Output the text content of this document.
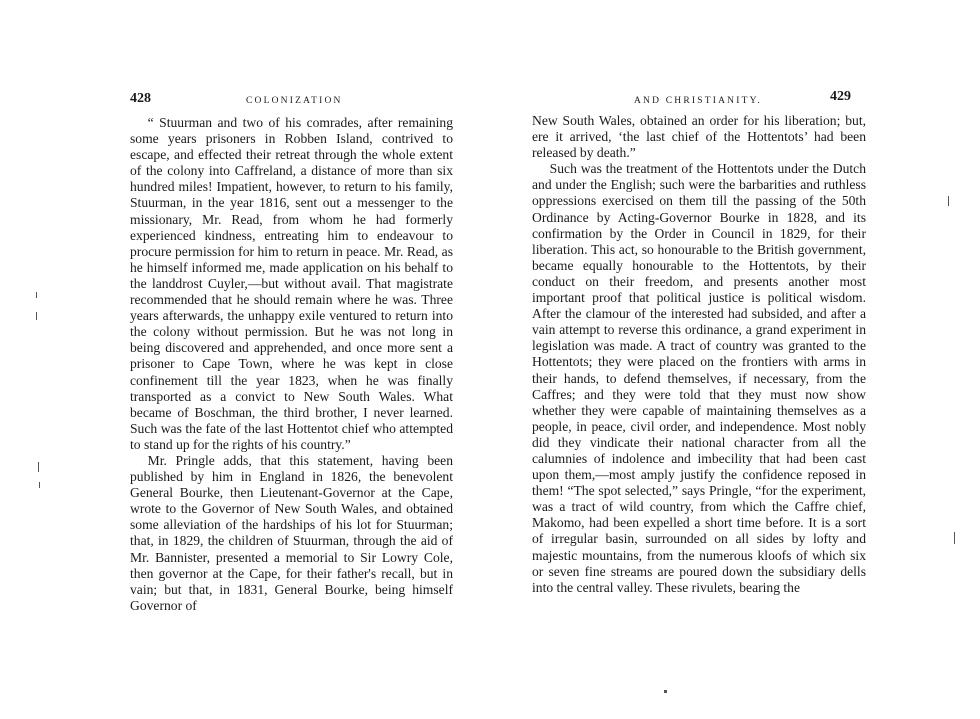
428	COLONIZATION

“ Stuurman and two of his comrades, after remaining some years prisoners in Robben Island, contrived to escape, and effected their retreat through the whole extent of the colony into Caffreland, a distance of more than six hundred miles! Impatient, however, to return to his family, Stuurman, in the year 1816, sent out a messenger to the missionary, Mr. Read, from whom he had formerly experienced kindness, entreating him to endeavour to procure permission for him to return in peace. Mr. Read, as he himself informed me, made application on his behalf to the landdrost Cuyler,—but without avail. That magistrate recommended that he should remain where he was. Three years afterwards, the unhappy exile ventured to return into the colony without permission. But he was not long in being discovered and apprehended, and once more sent a prisoner to Cape Town, where he was kept in close confinement till the year 1823, when he was finally transported as a convict to New South Wales. What became of Boschman, the third brother, I never learned. Such was the fate of the last Hottentot chief who attempted to stand up for the rights of his country.”

Mr. Pringle adds, that this statement, having been published by him in England in 1826, the benevolent General Bourke, then Lieutenant-Governor at the Cape, wrote to the Governor of New South Wales, and obtained some alleviation of the hardships of his lot for Stuurman; that, in 1829, the children of Stuurman, through the aid of Mr. Bannister, presented a memorial to Sir Lowry Cole, then governor at the Cape, for their father's recall, but in vain; but that, in 1831, General Bourke, being himself Governor of

AND CHRISTIANITY.	429

New South Wales, obtained an order for his liberation; but, ere it arrived, ‘the last chief of the Hottentots’ had been released by death.”

Such was the treatment of the Hottentots under the Dutch and under the English; such were the barbarities and ruthless oppressions exercised on them till the passing of the 50th Ordinance by Acting-Governor Bourke in 1828, and its confirmation by the Order in Council in 1829, for their liberation. This act, so honourable to the British government, became equally honourable to the Hottentots, by their conduct on their freedom, and presents another most important proof that political justice is political wisdom. After the clamour of the interested had subsided, and after a vain attempt to reverse this ordinance, a grand experiment in legislation was made. A tract of country was granted to the Hottentots; they were placed on the frontiers with arms in their hands, to defend themselves, if necessary, from the Caffres; and they were told that they must now show whether they were capable of maintaining themselves as a people, in peace, civil order, and independence. Most nobly did they vindicate their national character from all the calumnies of indolence and imbecility that had been cast upon them,—most amply justify the confidence reposed in them! “The spot selected,” says Pringle, “for the experiment, was a tract of wild country, from which the Caffre chief, Makomo, had been expelled a short time before. It is a sort of irregular basin, surrounded on all sides by lofty and majestic mountains, from the numerous kloofs of which six or seven fine streams are poured down the subsidiary dells into the central valley. These rivulets, bearing the
